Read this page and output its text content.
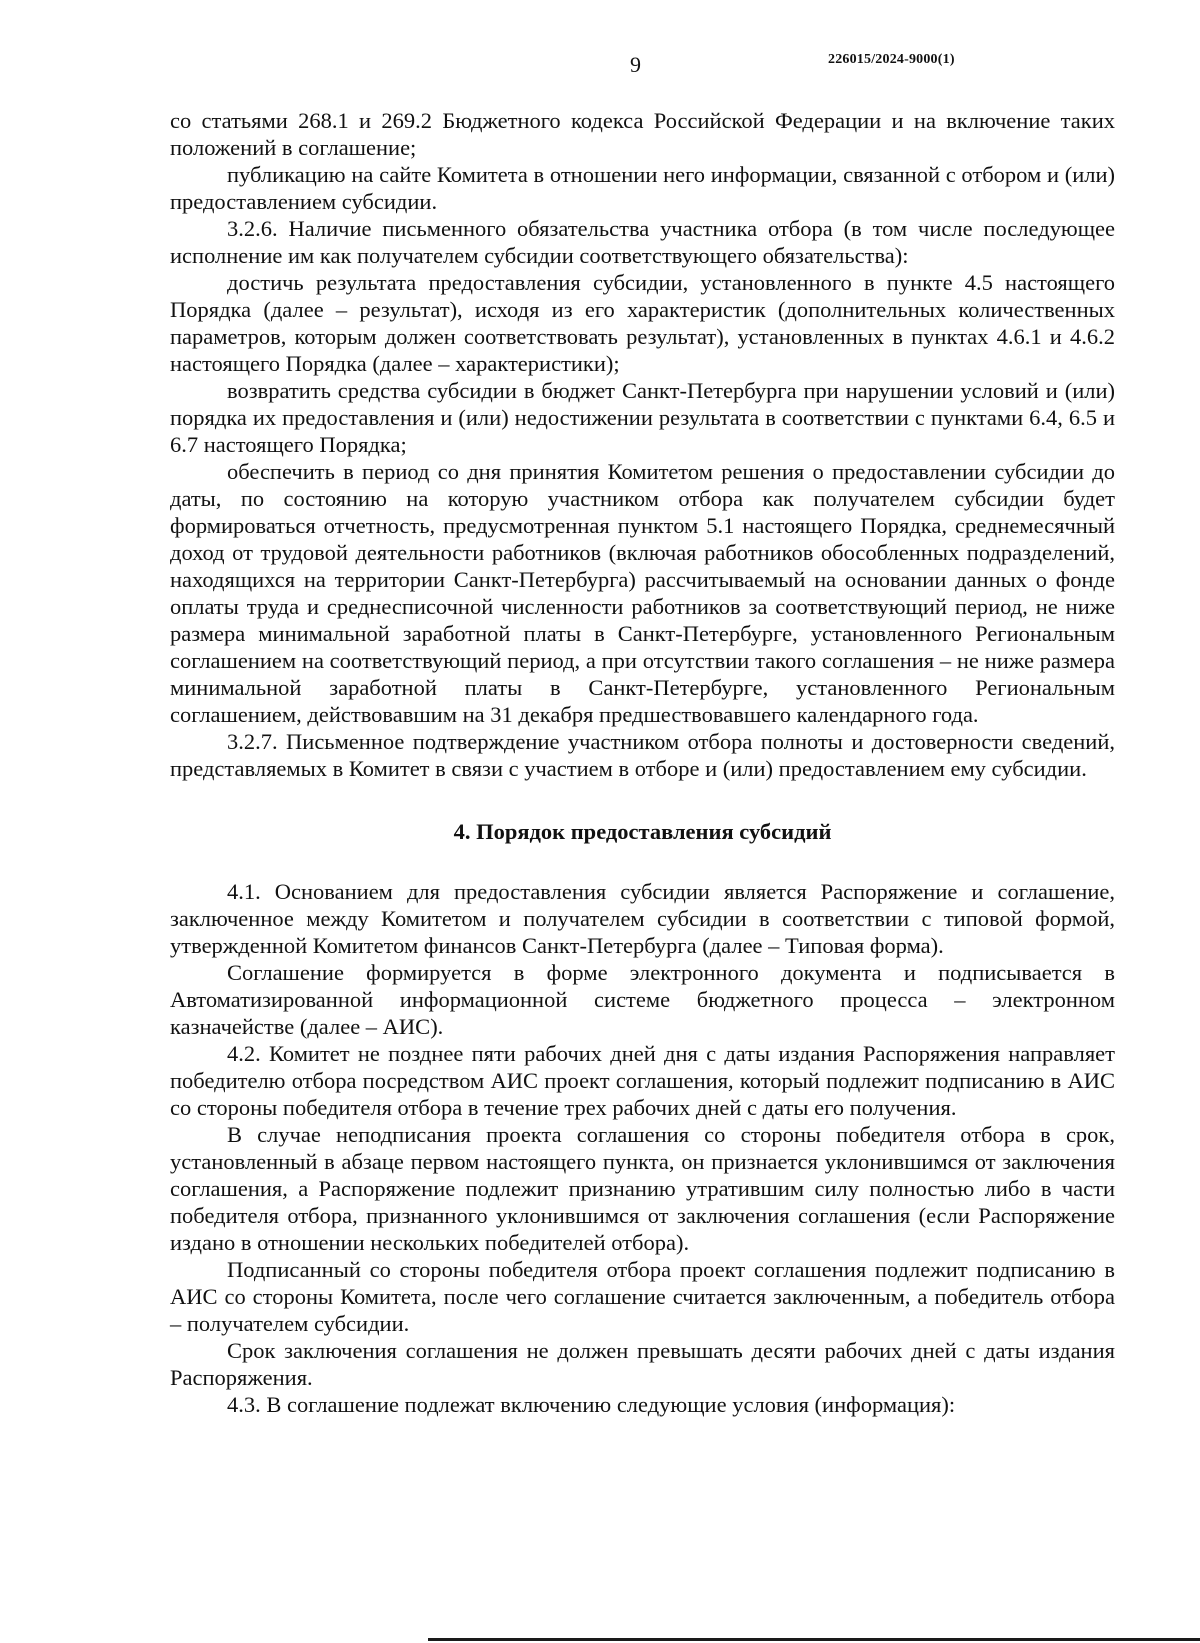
9	226015/2024-9000(1)

со статьями 268.1 и 269.2 Бюджетного кодекса Российской Федерации и на включение таких положений в соглашение;

публикацию на сайте Комитета в отношении него информации, связанной с отбором и (или) предоставлением субсидии.

3.2.6. Наличие письменного обязательства участника отбора (в том числе последующее исполнение им как получателем субсидии соответствующего обязательства):

достичь результата предоставления субсидии, установленного в пункте 4.5 настоящего Порядка (далее – результат), исходя из его характеристик (дополнительных количественных параметров, которым должен соответствовать результат), установленных в пунктах 4.6.1 и 4.6.2 настоящего Порядка (далее – характеристики);

возвратить средства субсидии в бюджет Санкт-Петербурга при нарушении условий и (или) порядка их предоставления и (или) недостижении результата в соответствии с пунктами 6.4, 6.5 и 6.7 настоящего Порядка;

обеспечить в период со дня принятия Комитетом решения о предоставлении субсидии до даты, по состоянию на которую участником отбора как получателем субсидии будет формироваться отчетность, предусмотренная пунктом 5.1 настоящего Порядка, среднемесячный доход от трудовой деятельности работников (включая работников обособленных подразделений, находящихся на территории Санкт-Петербурга) рассчитываемый на основании данных о фонде оплаты труда и среднесписочной численности работников за соответствующий период, не ниже размера минимальной заработной платы в Санкт-Петербурге, установленного Региональным соглашением на соответствующий период, а при отсутствии такого соглашения – не ниже размера минимальной заработной платы в Санкт-Петербурге, установленного Региональным соглашением, действовавшим на 31 декабря предшествовавшего календарного года.

3.2.7. Письменное подтверждение участником отбора полноты и достоверности сведений, представляемых в Комитет в связи с участием в отборе и (или) предоставлением ему субсидии.

4. Порядок предоставления субсидий

4.1. Основанием для предоставления субсидии является Распоряжение и соглашение, заключенное между Комитетом и получателем субсидии в соответствии с типовой формой, утвержденной Комитетом финансов Санкт-Петербурга (далее – Типовая форма).

Соглашение формируется в форме электронного документа и подписывается в Автоматизированной информационной системе бюджетного процесса – электронном казначействе (далее – АИС).

4.2. Комитет не позднее пяти рабочих дней дня с даты издания Распоряжения направляет победителю отбора посредством АИС проект соглашения, который подлежит подписанию в АИС со стороны победителя отбора в течение трех рабочих дней с даты его получения.

В случае неподписания проекта соглашения со стороны победителя отбора в срок, установленный в абзаце первом настоящего пункта, он признается уклонившимся от заключения соглашения, а Распоряжение подлежит признанию утратившим силу полностью либо в части победителя отбора, признанного уклонившимся от заключения соглашения (если Распоряжение издано в отношении нескольких победителей отбора).

Подписанный со стороны победителя отбора проект соглашения подлежит подписанию в АИС со стороны Комитета, после чего соглашение считается заключенным, а победитель отбора – получателем субсидии.

Срок заключения соглашения не должен превышать десяти рабочих дней с даты издания Распоряжения.

4.3. В соглашение подлежат включению следующие условия (информация):
